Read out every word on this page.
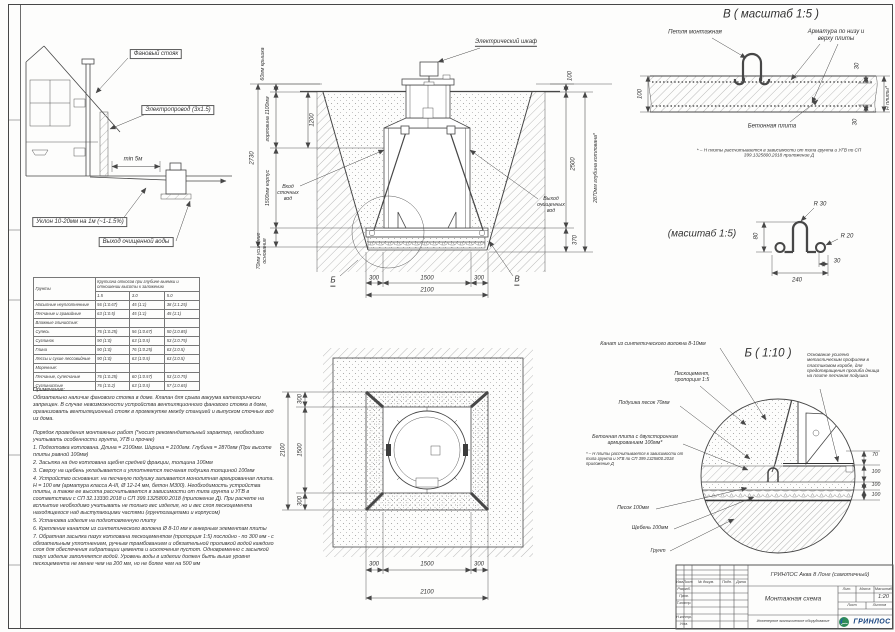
Фановый стояк
Электропровод (3х1.5)
min 5м
Уклон 10-20мм на 1м (~1-1.5%)
Выход очищенной воды
Электрический шкаф
60мм крышка
горловина 1100мм
1500мм корпус
70мм усиление основания
2730
1200
100
2500
370
2870мм глубина котлована*
Вход сточных вод	Выход очищенных вод
Б	В
300	1500	300
2100
2100
300
1500
300
300	1500	300
2100
В ( масштаб 1:5 )
Петля монтажная	Арматура по низу и верху плиты
Бетонная плита
100
30
30
Н плиты*
* – Н плиты рассчитывается в зависимости от типа грунта и УГВ по СП 399.1325800.2018 приложение Д
(масштаб 1:5)
R 30
R 20
30
80
240
Б ( 1:10 )
Канат из синтетического волокна 8-10мм
Пескоцемент, пропорция 1:5
Подушка песок 70мм
Бетонная плита с двухсторонним армированием 100мм*
* – Н плиты рассчитывается в зависимости от типа грунта и УГВ по СП 399.1325800.2018 приложение Д
Песок 100мм
Щебень 100мм
Грунт
Основание усилено металлическим профилем в пластиковом коробе, для предотвращения прогиба днища на плите песчаная подушка
70
100
100
100
Грунты	Крутизна откосов при глубине выемки и отношении высоты к заложению		
	1.5	3.0	5.0
Насыпные неуплотненные	56 (1:0.67)	45 (1:1)	38 (1:1.25)
Песчаные и гравийные	63 (1:0.5)	45 (1:1)	45 (1:1)
Влажные глинистые:			
Супесь	76 (1:0.25)	56 (1:0.67)	50 (1:0.85)
Суглинок	90 (1:0)	63 (1:0.5)	53 (1:0.75)
Глина	90 (1:0)	76 (1:0.25)	63 (1:0.5)
Лессы и сухие лессовидные	90 (1:0)	63 (1:0.5)	63 (1:0.5)
Моренные:			
Песчаные, супесчаные	76 (1:0.25)	60 (1:0.57)	53 (1:0.75)
Суглинистые	76 (1:0.2)	63 (1:0.5)	57 (1:0.65)
Примечание:
Обязательно наличие фанового стояка в доме. Клапан для срыва вакуума категорически запрещен. В случае невозможности устройства вентиляционного фанового стояка в доме, организовать вентиляционный стояк в промежутке между станцией и выпуском сточных вод из дома.
Порядок проведения монтажных работ (*носит рекомендательный характер, необходимо учитывать особенности грунта, УГВ и прочее)
1. Подготовка котлована. Длина = 2100мм. Ширина = 2100мм. Глубина = 2870мм (При высоте плиты равной 100мм)
2. Засыпка на дно котлована щебня средней фракции, толщина 100мм
3. Сверху на щебень укладывается и уплотняется песчаная подушка толщиной 100мм
4. Устройство основания: на песчаную подушку заливается монолитная армированная плита. Н = 100 мм (арматура класса А-III, Ø 12-14 мм, бетон М300). Необходимость устройства плиты, а также ее высота рассчитывается в зависимости от типа грунта и УГВ в соответствии с СП 32.13330.2018 и СП 399.1325800.2018 (приложение Д). При расчете на всплытие необходимо учитывать не только вес изделия, но и вес слоя пескоцемента находящегося над выступающими частями (грунтозацепами и корпусом)
5. Установка изделия на подготовленную плиту
6. Крепление канатом из синтетического волокна Ø 8-10 мм к анкерным элементам плиты
7. Обратная засыпка пазух котлована пескоцементом (пропорция 1:5) послойно - по 300 мм - с обязательным уплотнением, ручным трамбованием и обязательной проливкой водой каждого слоя для обеспечения гидратации цемента и исключения пустот. Одновременно с засыпкой пазух изделие заполняется водой. Уровень воды в изделии должен быть выше уровня пескоцемента не менее чем на 200 мм, но не более чем на 500 мм
Изм. Лист № докум. Подп. Дата
Разраб.
Пров.
Т.контр.
Н.контр.
Утв.
ГРИНЛОС Аква 8 Лонг (самотечный)
Монтажная схема
Лит. Масса Масштаб
1:20
Лист	Листов
Инженерное экологическое оборудование	ГРИНЛОС
